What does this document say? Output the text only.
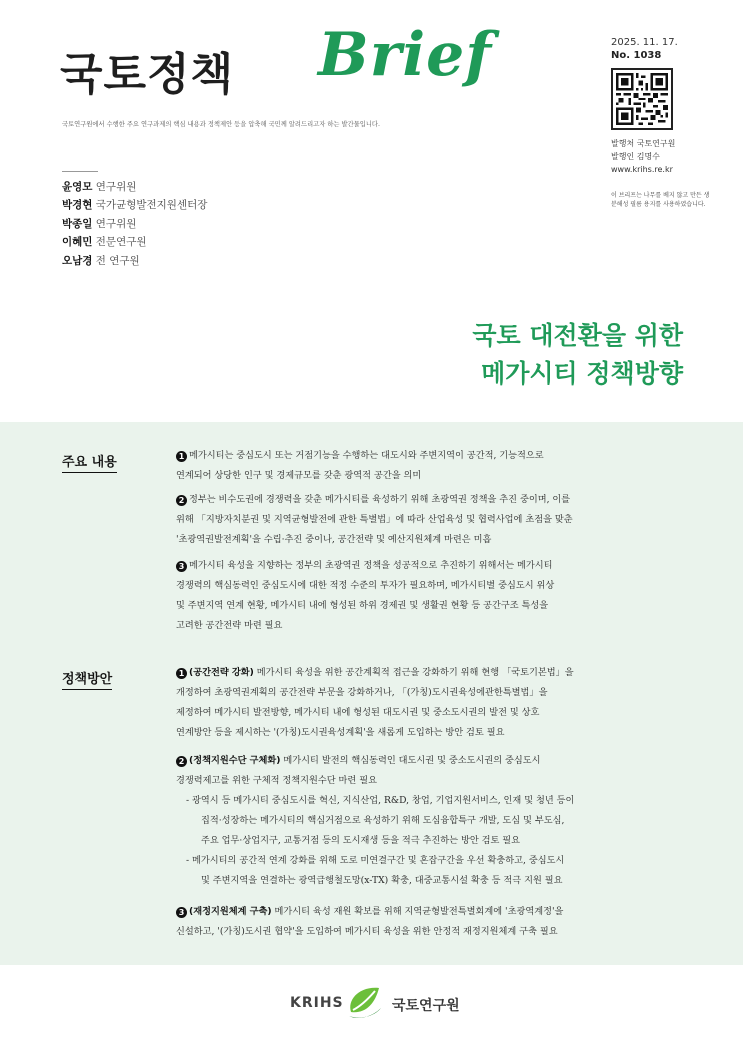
국토정책 Brief
국토연구원에서 수행한 주요 연구과제의 핵심 내용과 정책제안 등을 압축해 국민께 알려드리고자 하는 발간물입니다.
2025. 11. 17.
No. 1038
발행처 국토연구원
발행인 김명수
www.krihs.re.kr
이 브리프는 나무를 베지 않고 만든 생분해성 필름 용지를 사용하였습니다.
윤영모 연구위원
박경현 국가균형발전지원센터장
박종일 연구위원
이혜민 전문연구원
오남경 전 연구원
국토 대전환을 위한
메가시티 정책방향
주요 내용	1 메가시티는 중심도시 또는 거점기능을 수행하는 대도시와 주변지역이 공간적, 기능적으로
연계되어 상당한 인구 및 경제규모를 갖춘 광역적 공간을 의미
2 정부는 비수도권에 경쟁력을 갖춘 메가시티를 육성하기 위해 초광역권 정책을 추진 중이며, 이를
위해 「지방자치분권 및 지역균형발전에 관한 특별법」에 따라 산업육성 및 협력사업에 초점을 맞춘
'초광역권발전계획'을 수립·추진 중이나, 공간전략 및 예산지원체계 마련은 미흡
3 메가시티 육성을 지향하는 정부의 초광역권 정책을 성공적으로 추진하기 위해서는 메가시티
경쟁력의 핵심동력인 중심도시에 대한 적정 수준의 투자가 필요하며, 메가시티별 중심도시 위상
및 주변지역 연계 현황, 메가시티 내에 형성된 하위 경제권 및 생활권 현황 등 공간구조 특성을
고려한 공간전략 마련 필요
정책방안	1 (공간전략 강화) 메가시티 육성을 위한 공간계획적 접근을 강화하기 위해 현행 「국토기본법」을
개정하여 초광역권계획의 공간전략 부문을 강화하거나, 「(가칭)도시권육성에관한특별법」을
제정하여 메가시티 발전방향, 메가시티 내에 형성된 대도시권 및 중소도시권의 발전 및 상호
연계방안 등을 제시하는 '(가칭)도시권육성계획'을 새롭게 도입하는 방안 검토 필요
2 (정책지원수단 구체화) 메가시티 발전의 핵심동력인 대도시권 및 중소도시권의 중심도시
경쟁력제고를 위한 구체적 정책지원수단 마련 필요
- 광역시 등 메가시티 중심도시를 혁신, 지식산업, R&D, 창업, 기업지원서비스, 인재 및 청년 등이
집적·성장하는 메가시티의 핵심거점으로 육성하기 위해 도심융합특구 개발, 도심 및 부도심,
주요 업무·상업지구, 교통거점 등의 도시재생 등을 적극 추진하는 방안 검토 필요
- 메가시티의 공간적 연계 강화를 위해 도로 미연결구간 및 혼잡구간을 우선 확충하고, 중심도시
및 주변지역을 연결하는 광역급행철도망(x-TX) 확충, 대중교통시설 확충 등 적극 지원 필요
3 (재정지원체계 구축) 메가시티 육성 재원 확보를 위해 지역균형발전특별회계에 '초광역계정'을
신설하고, '(가칭)도시권 협약'을 도입하여 메가시티 육성을 위한 안정적 재정지원체계 구축 필요
KRIHS	국토연구원
